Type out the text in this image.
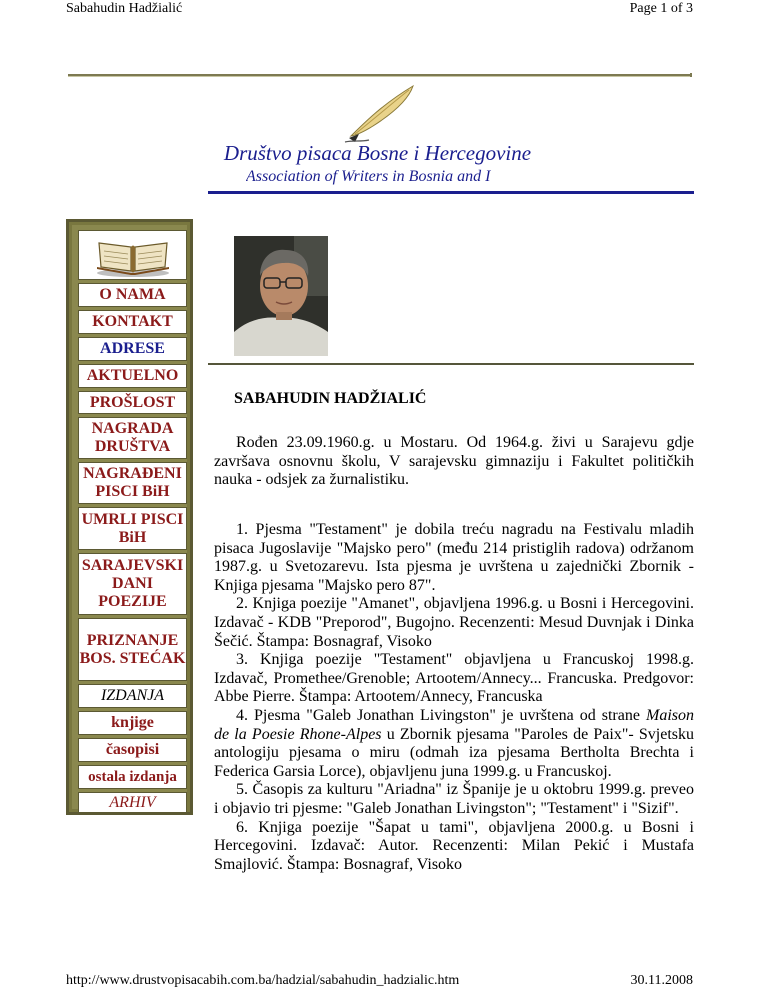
Sabahudin Hadžialić	Page 1 of 3
Društvo pisaca Bosne i Hercegovine
Association of Writers in Bosnia and I
O NAMA
KONTAKT
ADRESE
AKTUELNO
PROŠLOST
NAGRADA DRUŠTVA
NAGRAĐENI PISCI BiH
UMRLI PISCI BiH
SARAJEVSKI DANI POEZIJE
PRIZNANJE BOS. STEĆAK
IZDANJA
knjige
časopisi
ostala izdanja
ARHIV
SABAHUDIN HADŽIALIĆ

Rođen 23.09.1960.g. u Mostaru. Od 1964.g. živi u Sarajevu gdje završava osnovnu školu, V sarajevsku gimnaziju i Fakultet političkih nauka - odsjek za žurnalistiku.

1. Pjesma "Testament" je dobila treću nagradu na Festivalu mladih pisaca Jugoslavije "Majsko pero" (među 214 pristiglih radova) održanom 1987.g. u Svetozarevu. Ista pjesma je uvrštena u zajednički Zbornik - Knjiga pjesama "Majsko pero 87".

2. Knjiga poezije "Amanet", objavljena 1996.g. u Bosni i Hercegovini. Izdavač - KDB "Preporod", Bugojno. Recenzenti: Mesud Duvnjak i Dinka Šečić. Štampa: Bosnagraf, Visoko

3. Knjiga poezije "Testament" objavljena u Francuskoj 1998.g. Izdavač, Promethee/Grenoble; Artootem/Annecy... Francuska. Predgovor: Abbe Pierre. Štampa: Artootem/Annecy, Francuska

4. Pjesma "Galeb Jonathan Livingston" je uvrštena od strane Maison de la Poesie Rhone-Alpes u Zbornik pjesama "Paroles de Paix"- Svjetsku antologiju pjesama o miru (odmah iza pjesama Bertholta Brechta i Federica Garsia Lorce), objavljenu juna 1999.g. u Francuskoj.

5. Časopis za kulturu "Ariadna" iz Španije je u oktobru 1999.g. preveo i objavio tri pjesme: "Galeb Jonathan Livingston"; "Testament" i "Sizif".

6. Knjiga poezije "Šapat u tami", objavljena 2000.g. u Bosni i Hercegovini. Izdavač: Autor. Recenzenti: Milan Pekić i Mustafa Smajlović. Štampa: Bosnagraf, Visoko

http://www.drustvopisacabih.com.ba/hadzial/sabahudin_hadzialic.htm	30.11.2008
